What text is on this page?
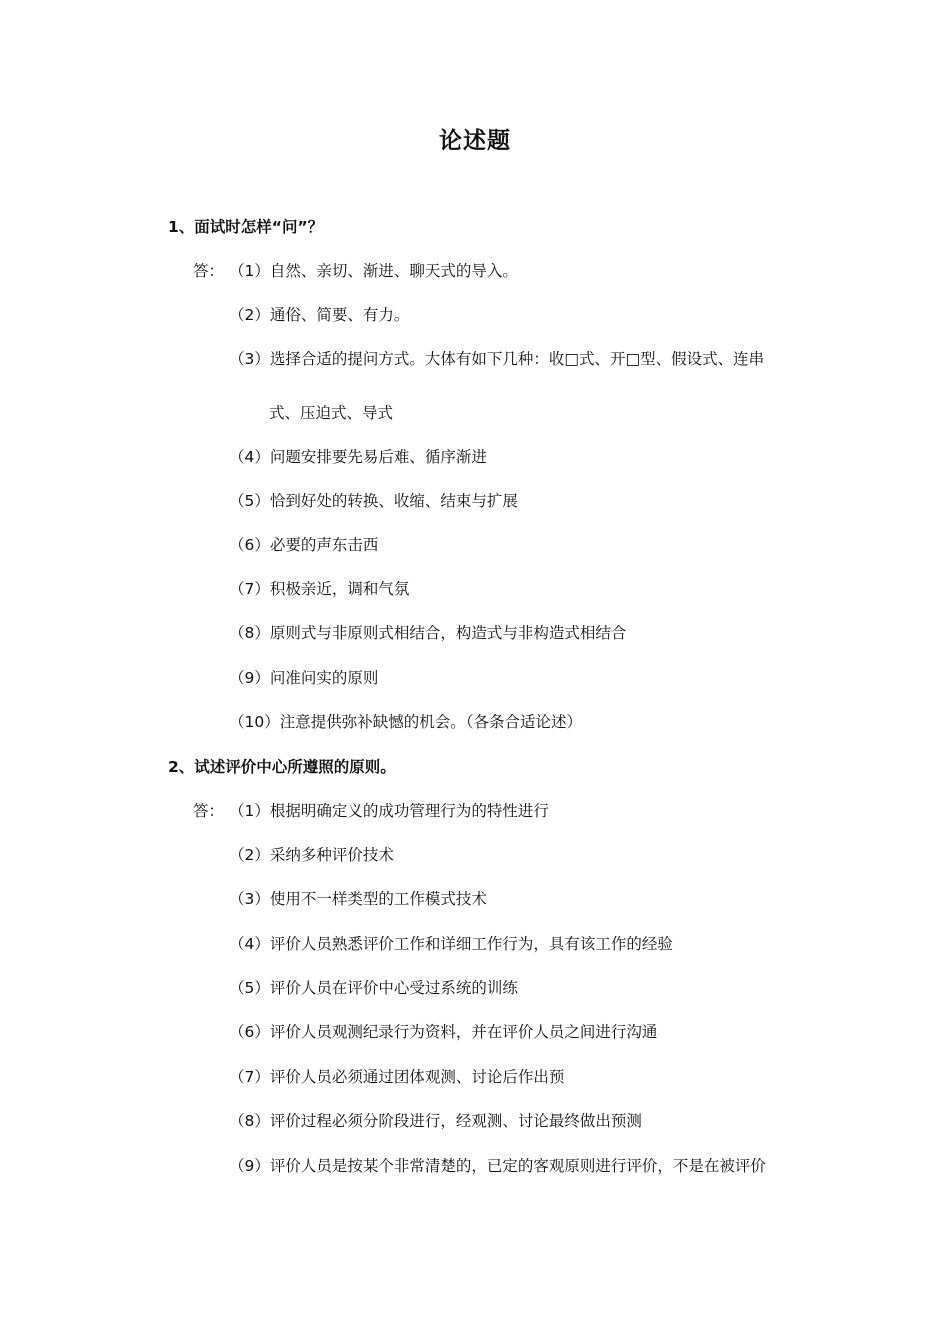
论述题
1、面试时怎样“问”？
答： （1）自然、亲切、渐进、聊天式的导入。
（2）通俗、简要、有力。
（3）选择合适的提问方式。大体有如下几种：收□式、开□型、假设式、连串
式、压迫式、导式
（4）问题安排要先易后难、循序渐进
（5）恰到好处的转换、收缩、结束与扩展
（6）必要的声东击西
（7）积极亲近，调和气氛
（8）原则式与非原则式相结合，构造式与非构造式相结合
（9）问准问实的原则
（10）注意提供弥补缺憾的机会。（各条合适论述）
2、试述评价中心所遵照的原则。
答： （1）根据明确定义的成功管理行为的特性进行
（2）采纳多种评价技术
（3）使用不一样类型的工作模式技术
（4）评价人员熟悉评价工作和详细工作行为，具有该工作的经验
（5）评价人员在评价中心受过系统的训练
（6）评价人员观测纪录行为资料，并在评价人员之间进行沟通
（7）评价人员必须通过团体观测、讨论后作出预
（8）评价过程必须分阶段进行，经观测、讨论最终做出预测
（9）评价人员是按某个非常清楚的，已定的客观原则进行评价，不是在被评价
